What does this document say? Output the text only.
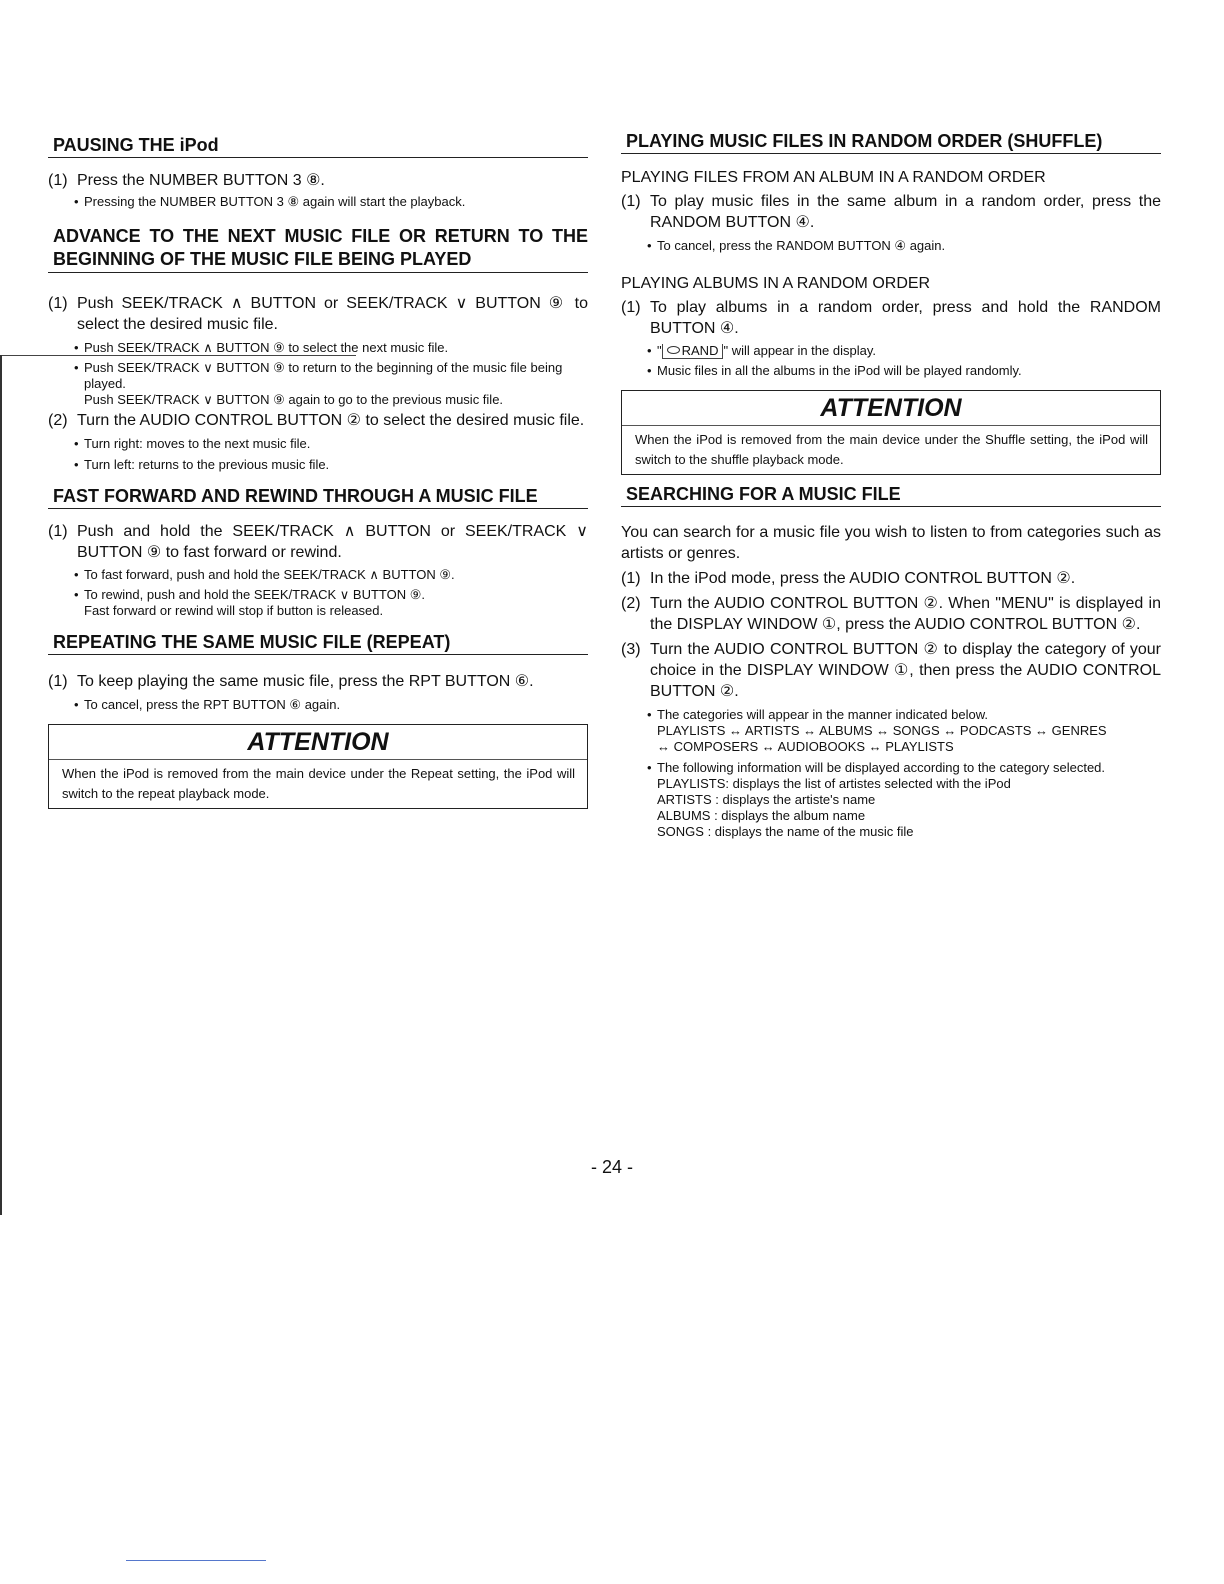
PAUSING THE iPod
(1) Press the NUMBER BUTTON 3 ⑧.
• Pressing the NUMBER BUTTON 3 ⑧ again will start the playback.
ADVANCE TO THE NEXT MUSIC FILE OR RETURN TO THE BEGINNING OF THE MUSIC FILE BEING PLAYED
(1) Push SEEK/TRACK ∧ BUTTON or SEEK/TRACK ∨ BUTTON ⑨ to select the desired music file.
• Push SEEK/TRACK ∧ BUTTON ⑨ to select the next music file.
• Push SEEK/TRACK ∨ BUTTON ⑨ to return to the beginning of the music file being played.
Push SEEK/TRACK ∨ BUTTON ⑨ again to go to the previous music file.
(2) Turn the AUDIO CONTROL BUTTON ② to select the desired music file.
• Turn right: moves to the next music file.
• Turn left: returns to the previous music file.
FAST FORWARD AND REWIND THROUGH A MUSIC FILE
(1) Push and hold the SEEK/TRACK ∧ BUTTON or SEEK/TRACK ∨ BUTTON ⑨ to fast forward or rewind.
• To fast forward, push and hold the SEEK/TRACK ∧ BUTTON ⑨.
• To rewind, push and hold the SEEK/TRACK ∨ BUTTON ⑨.
Fast forward or rewind will stop if button is released.
REPEATING THE SAME MUSIC FILE (REPEAT)
(1) To keep playing the same music file, press the RPT BUTTON ⑥.
• To cancel, press the RPT BUTTON ⑥ again.
ATTENTION
When the iPod is removed from the main device under the Repeat setting, the iPod will switch to the repeat playback mode.
PLAYING MUSIC FILES IN RANDOM ORDER (SHUFFLE)

PLAYING FILES FROM AN ALBUM IN A RANDOM ORDER

(1) To play music files in the same album in a random order, press the RANDOM BUTTON ④.
• To cancel, press the RANDOM BUTTON ④ again.

PLAYING ALBUMS IN A RANDOM ORDER

(1) To play albums in a random order, press and hold the RANDOM BUTTON ④.
• " RAND " will appear in the display.
• Music files in all the albums in the iPod will be played randomly.
ATTENTION
When the iPod is removed from the main device under the Shuffle setting, the iPod will switch to the shuffle playback mode.
SEARCHING FOR A MUSIC FILE

You can search for a music file you wish to listen to from categories such as artists or genres.

(1) In the iPod mode, press the AUDIO CONTROL BUTTON ②.
(2) Turn the AUDIO CONTROL BUTTON ②. When "MENU" is displayed in the DISPLAY WINDOW ①, press the AUDIO CONTROL BUTTON ②.
(3) Turn the AUDIO CONTROL BUTTON ② to display the category of your choice in the DISPLAY WINDOW ①, then press the AUDIO CONTROL BUTTON ②.
• The categories will appear in the manner indicated below.
PLAYLISTS ↔ ARTISTS ↔ ALBUMS ↔ SONGS ↔ PODCASTS ↔ GENRES
↔ COMPOSERS ↔ AUDIOBOOKS ↔ PLAYLISTS
• The following information will be displayed according to the category selected.
PLAYLISTS: displays the list of artistes selected with the iPod
ARTISTS : displays the artiste's name
ALBUMS : displays the album name
SONGS : displays the name of the music file
- 24 -
